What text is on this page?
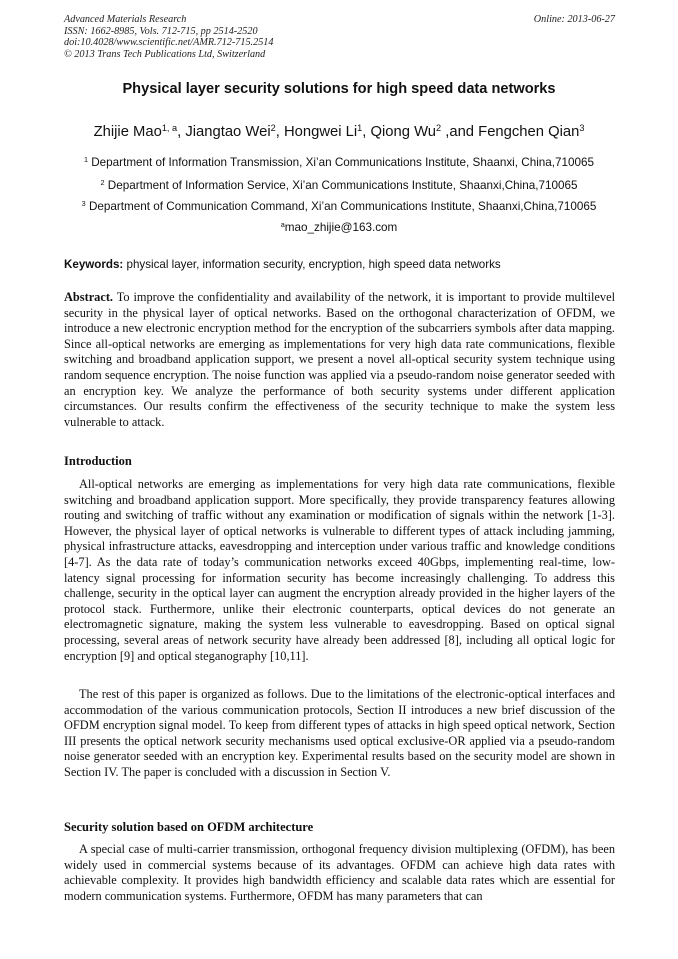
Advanced Materials Research	Online: 2013-06-27
ISSN: 1662-8985, Vols. 712-715, pp 2514-2520
doi:10.4028/www.scientific.net/AMR.712-715.2514
© 2013 Trans Tech Publications Ltd, Switzerland
Physical layer security solutions for high speed data networks
Zhijie Mao$^{1, a}$, Jiangtao Wei$^2$, Hongwei Li$^1$, Qiong Wu$^2$ ,and Fengchen Qian$^3$
$^1$ Department of Information Transmission, Xi’an Communications Institute, Shaanxi, China,710065
$^2$ Department of Information Service, Xi’an Communications Institute, Shaanxi,China,710065
$^3$ Department of Communication Command, Xi’an Communications Institute, Shaanxi,China,710065
$^a$mao_zhijie@163.com
Keywords: physical layer, information security, encryption, high speed data networks
Abstract. To improve the confidentiality and availability of the network, it is important to provide multilevel security in the physical layer of optical networks. Based on the orthogonal characterization of OFDM, we introduce a new electronic encryption method for the encryption of the subcarriers symbols after data mapping. Since all-optical networks are emerging as implementations for very high data rate communications, flexible switching and broadband application support, we present a novel all-optical security system technique using random sequence encryption. The noise function was applied via a pseudo-random noise generator seeded with an encryption key. We analyze the performance of both security systems under different application circumstances. Our results confirm the effectiveness of the security technique to make the system less vulnerable to attack.
Introduction
All-optical networks are emerging as implementations for very high data rate communications, flexible switching and broadband application support. More specifically, they provide transparency features allowing routing and switching of traffic without any examination or modification of signals within the network [1-3]. However, the physical layer of optical networks is vulnerable to different types of attack including jamming, physical infrastructure attacks, eavesdropping and interception under various traffic and knowledge conditions [4-7]. As the data rate of today’s communication networks exceed 40Gbps, implementing real-time, low-latency signal processing for information security has become increasingly challenging. To address this challenge, security in the optical layer can augment the encryption already provided in the higher layers of the protocol stack. Furthermore, unlike their electronic counterparts, optical devices do not generate an electromagnetic signature, making the system less vulnerable to eavesdropping. Based on optical signal processing, several areas of network security have already been addressed [8], including all optical logic for encryption [9] and optical steganography [10,11].
The rest of this paper is organized as follows. Due to the limitations of the electronic-optical interfaces and accommodation of the various communication protocols, Section II introduces a new brief discussion of the OFDM encryption signal model. To keep from different types of attacks in high speed optical network, Section III presents the optical network security mechanisms used optical exclusive-OR applied via a pseudo-random noise generator seeded with an encryption key. Experimental results based on the security model are shown in Section IV. The paper is concluded with a discussion in Section V.
Security solution based on OFDM architecture
A special case of multi-carrier transmission, orthogonal frequency division multiplexing (OFDM), has been widely used in commercial systems because of its advantages. OFDM can achieve high data rates with achievable complexity. It provides high bandwidth efficiency and scalable data rates which are essential for modern communication systems. Furthermore, OFDM has many parameters that can
